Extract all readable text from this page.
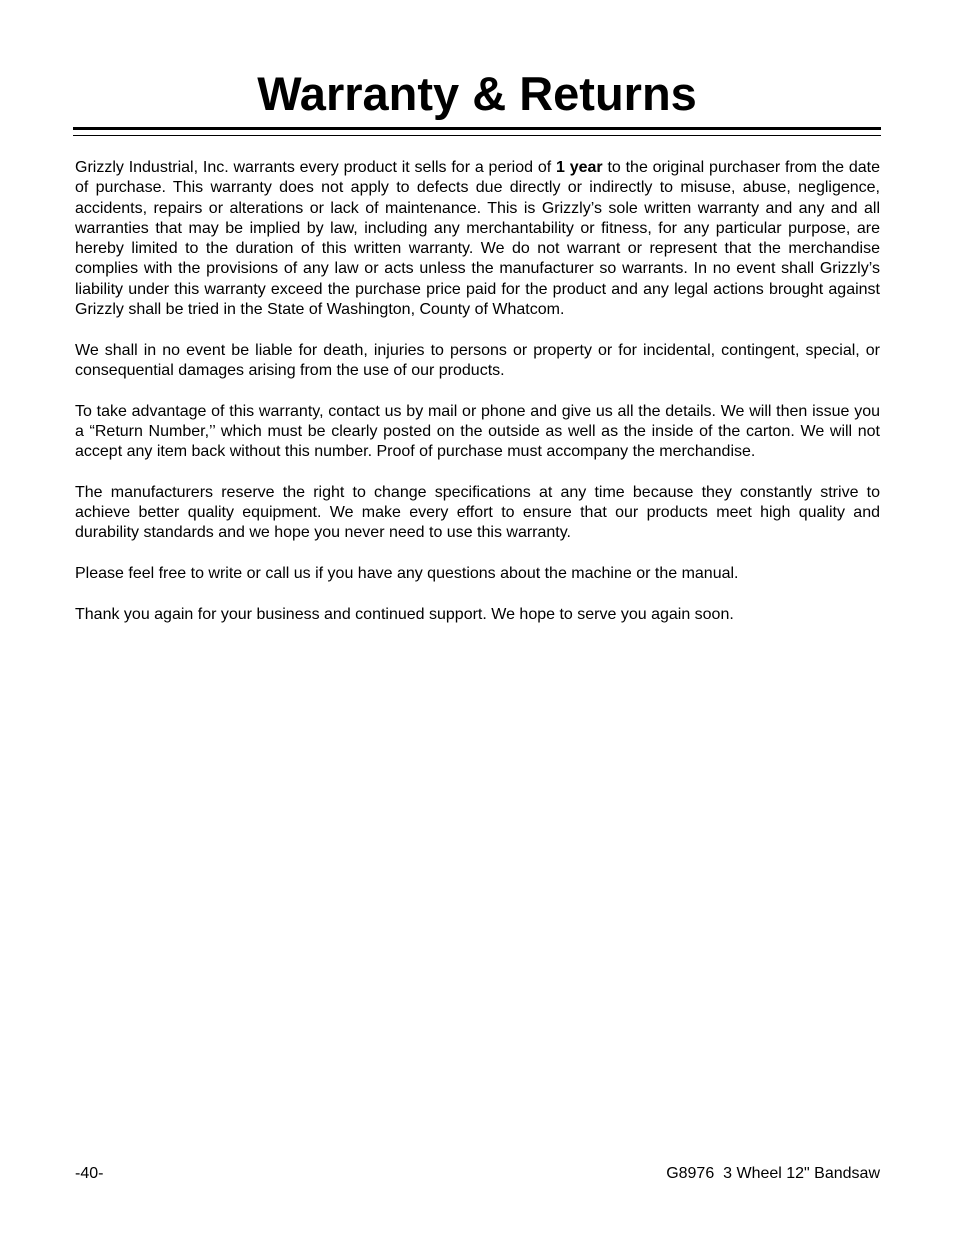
Warranty & Returns

Grizzly Industrial, Inc. warrants every product it sells for a period of 1 year to the original purchaser from the date of purchase. This warranty does not apply to defects due directly or indirectly to misuse, abuse, negligence, accidents, repairs or alterations or lack of maintenance. This is Grizzly’s sole written warranty and any and all warranties that may be implied by law, including any merchantability or fitness, for any particular purpose, are hereby limited to the duration of this written warranty. We do not warrant or represent that the merchandise complies with the provisions of any law or acts unless the manufacturer so warrants. In no event shall Grizzly’s liability under this warranty exceed the purchase price paid for the product and any legal actions brought against Grizzly shall be tried in the State of Washington, County of Whatcom.

We shall in no event be liable for death, injuries to persons or property or for incidental, contingent, special, or consequential damages arising from the use of our products.

To take advantage of this warranty, contact us by mail or phone and give us all the details. We will then issue you a “Return Number,’’ which must be clearly posted on the outside as well as the inside of the carton. We will not accept any item back without this number. Proof of purchase must accompany the merchandise.

The manufacturers reserve the right to change specifications at any time because they constantly strive to achieve better quality equipment. We make every effort to ensure that our products meet high quality and durability standards and we hope you never need to use this warranty.

Please feel free to write or call us if you have any questions about the machine or the manual.

Thank you again for your business and continued support. We hope to serve you again soon.

-40-	G8976  3 Wheel 12" Bandsaw
